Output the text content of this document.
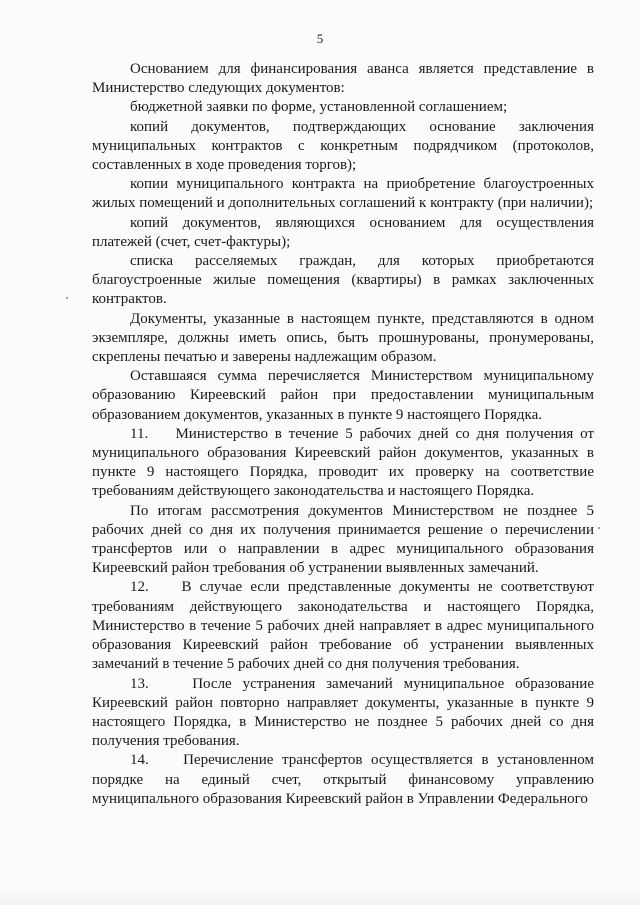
5

Основанием для финансирования аванса является представление в Министерство следующих документов:

бюджетной заявки по форме, установленной соглашением;

копий документов, подтверждающих основание заключения муниципальных контрактов с конкретным подрядчиком (протоколов, составленных в ходе проведения торгов);

копии муниципального контракта на приобретение благоустроенных жилых помещений и дополнительных соглашений к контракту (при наличии);

копий документов, являющихся основанием для осуществления платежей (счет, счет-фактуры);

списка расселяемых граждан, для которых приобретаются благоустроенные жилые помещения (квартиры) в рамках заключенных контрактов.

Документы, указанные в настоящем пункте, представляются в одном экземпляре, должны иметь опись, быть прошнурованы, пронумерованы, скреплены печатью и заверены надлежащим образом.

Оставшаяся сумма перечисляется Министерством муниципальному образованию Киреевский район при предоставлении муниципальным образованием документов, указанных в пункте 9 настоящего Порядка.

11.    Министерство в течение 5 рабочих дней со дня получения от муниципального образования Киреевский район документов, указанных в пункте 9 настоящего Порядка, проводит их проверку на соответствие требованиям действующего законодательства и настоящего Порядка.

По итогам рассмотрения документов Министерством не позднее 5 рабочих дней со дня их получения принимается решение о перечислении трансфертов или о направлении в адрес муниципального образования Киреевский район требования об устранении выявленных замечаний.

12.    В случае если представленные документы не соответствуют требованиям действующего законодательства и настоящего Порядка, Министерство в течение 5 рабочих дней направляет в адрес муниципального образования Киреевский район требование об устранении выявленных замечаний в течение 5 рабочих дней со дня получения требования.

13.    После устранения замечаний муниципальное образование Киреевский район повторно направляет документы, указанные в пункте 9 настоящего Порядка, в Министерство не позднее 5 рабочих дней со дня получения требования.

14.    Перечисление трансфертов осуществляется в установленном порядке на единый счет, открытый финансовому управлению муниципального образования Киреевский район в Управлении Федерального
